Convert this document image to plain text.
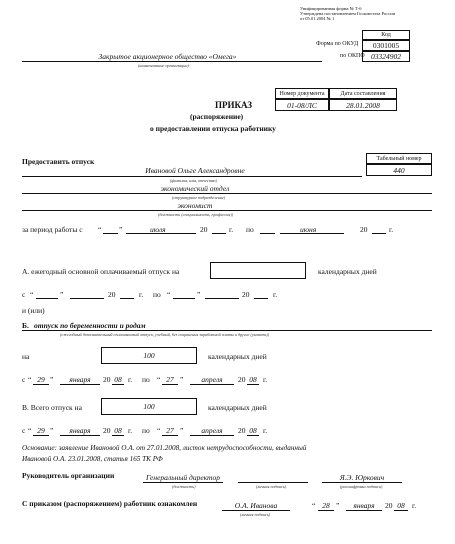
Унифицированная форма № Т-6
Утверждена постановлением Госкомстата России
от 05.01.2004 № 1
Код
Форма по ОКУД	0301005
по ОКПО 03324902
Закрытое акционерное общество «Омега»
(наименование организации)
Номер документа	Дата составления
01-08/ЛС	28.01.2008
ПРИКАЗ
(распоряжение)
о предоставлении отпуска работнику
Предоставить отпуск	Табельный номер
440
Ивановой Ольге Александровне
(фамилия, имя, отчество)
экономический отдел
(структурное подразделение)
экономист
(должность (специальность, профессия))
за период работы с “ ”	июля	20	г. по	июня	20	г.
А. ежегодный основной оплачиваемый отпуск на	календарных дней
с “	”	20	г. по “	”	20	г.
и (или)
Б. отпуск по беременности и родам
(ежегодный дополнительный оплачиваемый отпуск, учебный, без сохранения заработной платы и другие (указать))
на	100	календарных дней
с “ 29 ”	января	20 08 г. по “ 27 ”	апреля	20 08 г.
В. Всего отпуск на	100	календарных дней
с “ 29 ”	января	20 08 г. по “ 27 ”	апреля	20 08 г.
Основание: заявление Ивановой О.А. от 27.01.2008, листок нетрудоспособности, выданный
Ивановой О.А. 23.01.2008, статья 165 ТК РФ
Руководитель организации	Генеральный директор
(должность)	(личная подпись)
Я.Э. Юркович
(расшифровка подписи)
С приказом (распоряжением) работник ознакомлен	О.А. Иванова
(личная подпись)
“ 28 ”	января	20 08 г.
